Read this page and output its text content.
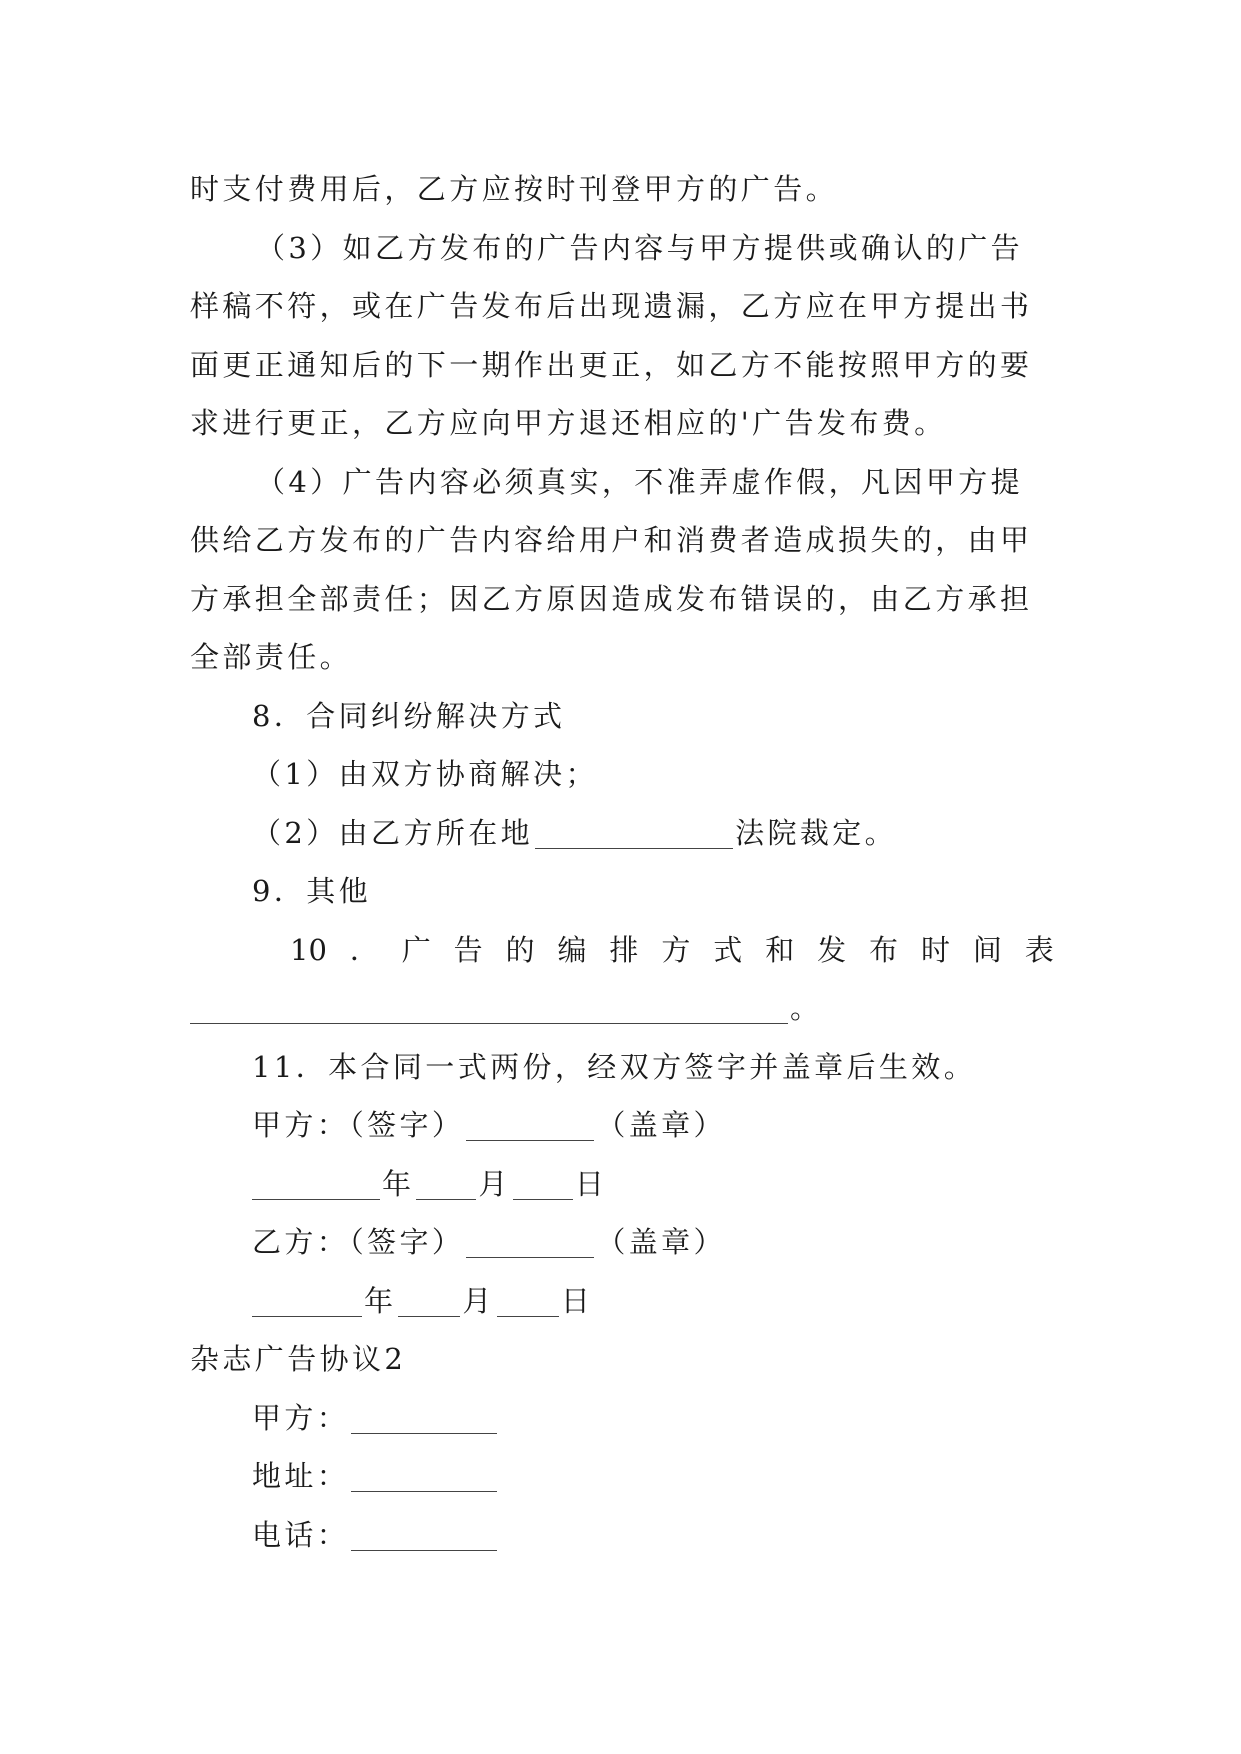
时支付费用后，乙方应按时刊登甲方的广告。
（3）如乙方发布的广告内容与甲方提供或确认的广告
样稿不符，或在广告发布后出现遗漏，乙方应在甲方提出书
面更正通知后的下一期作出更正，如乙方不能按照甲方的要
求进行更正，乙方应向甲方退还相应的'广告发布费。
（4）广告内容必须真实，不准弄虚作假，凡因甲方提
供给乙方发布的广告内容给用户和消费者造成损失的，由甲
方承担全部责任；因乙方原因造成发布错误的，由乙方承担
全部责任。
8．合同纠纷解决方式
（1）由双方协商解决；
（2）由乙方所在地	法院裁定。
9．其他
10 ． 广 告 的 编 排 方 式 和 发 布 时 间 表
。
11．本合同一式两份，经双方签字并盖章后生效。
甲方：（签字）	（盖章）
年 月 日
乙方：（签字）	（盖章）
年 月 日
杂志广告协议2
甲方：
地址：
电话：
